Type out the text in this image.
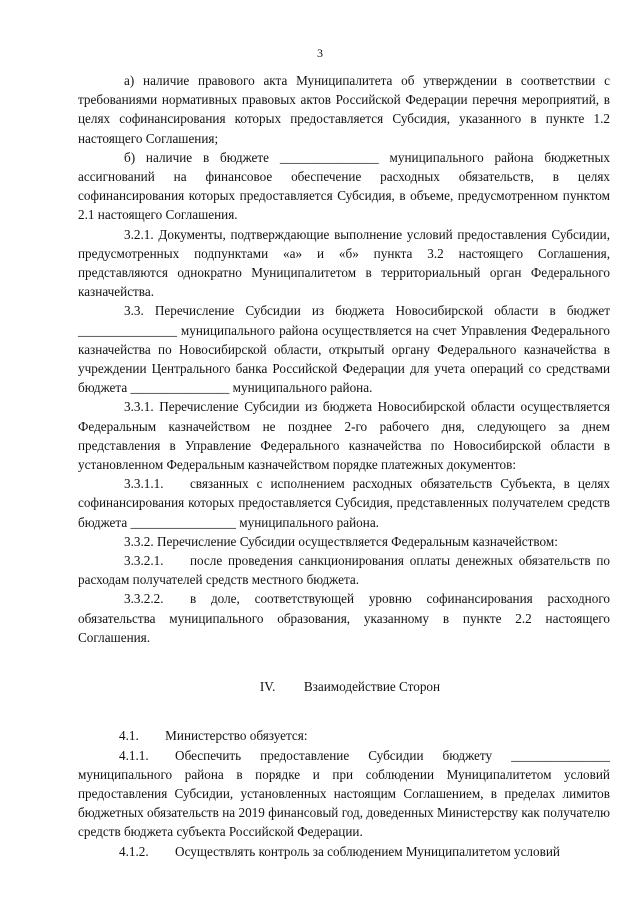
3

а) наличие правового акта Муниципалитета об утверждении в соответствии с требованиями нормативных правовых актов Российской Федерации перечня мероприятий, в целях софинансирования которых предоставляется Субсидия, указанного в пункте 1.2 настоящего Соглашения;

б) наличие в бюджете _______________ муниципального района бюджетных ассигнований на финансовое обеспечение расходных обязательств, в целях софинансирования которых предоставляется Субсидия, в объеме, предусмотренном пунктом 2.1 настоящего Соглашения.

3.2.1. Документы, подтверждающие выполнение условий предоставления Субсидии, предусмотренных подпунктами «а» и «б» пункта 3.2 настоящего Соглашения, представляются однократно Муниципалитетом в территориальный орган Федерального казначейства.

3.3. Перечисление Субсидии из бюджета Новосибирской области в бюджет _______________ муниципального района осуществляется на счет Управления Федерального казначейства по Новосибирской области, открытый органу Федерального казначейства в учреждении Центрального банка Российской Федерации для учета операций со средствами бюджета _______________ муниципального района.

3.3.1. Перечисление Субсидии из бюджета Новосибирской области осуществляется Федеральным казначейством не позднее 2-го рабочего дня, следующего за днем представления в Управление Федерального казначейства по Новосибирской области в установленном Федеральным казначейством порядке платежных документов:

3.3.1.1.  связанных с исполнением расходных обязательств Субъекта, в целях софинансирования которых предоставляется Субсидия, представленных получателем средств бюджета ________________ муниципального района.

3.3.2. Перечисление Субсидии осуществляется Федеральным казначейством:

3.3.2.1.  после проведения санкционирования оплаты денежных обязательств по расходам получателей средств местного бюджета.

3.3.2.2.  в доле, соответствующей уровню софинансирования расходного обязательства муниципального образования, указанному в пункте 2.2 настоящего Соглашения.

IV. Взаимодействие Сторон

4.1.  Министерство обязуется:

4.1.1.  Обеспечить предоставление Субсидии бюджету _______________ муниципального района в порядке и при соблюдении Муниципалитетом условий предоставления Субсидии, установленных настоящим Соглашением, в пределах лимитов бюджетных обязательств на 2019 финансовый год, доведенных Министерству как получателю средств бюджета субъекта Российской Федерации.

4.1.2.  Осуществлять контроль за соблюдением Муниципалитетом условий
